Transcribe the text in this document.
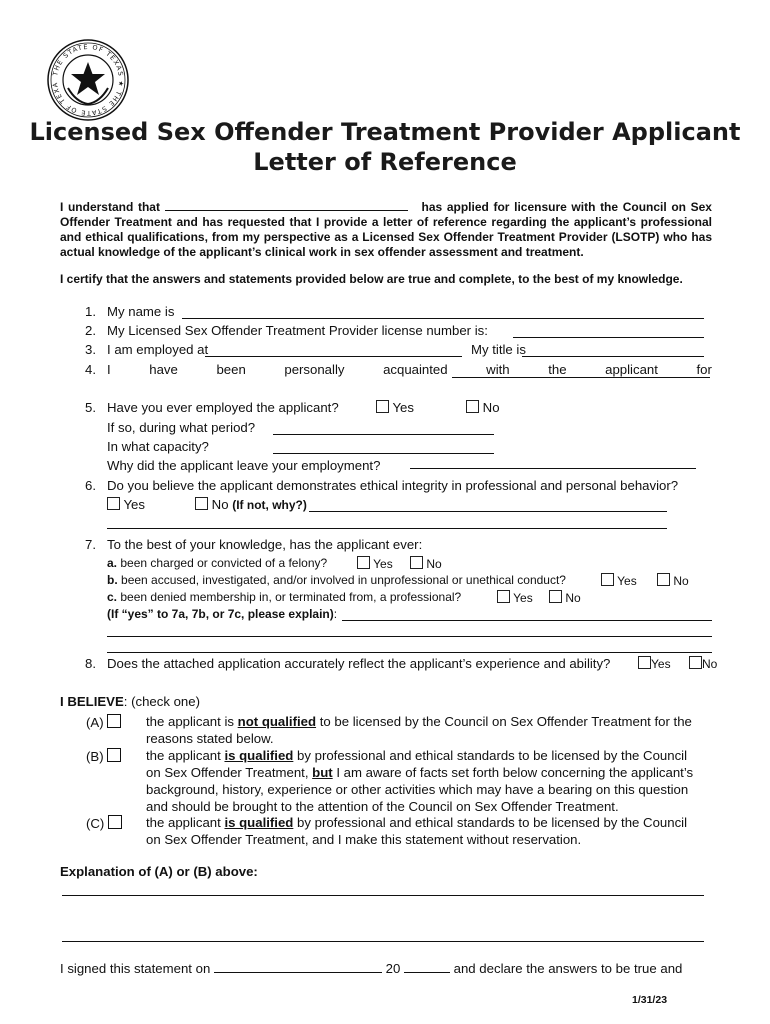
THE STATE OF TEXAS ★ THE STATE OF TEXA
Licensed Sex Offender Treatment Provider Applicant
Letter of Reference
I understand that	has applied for licensure with the Council on Sex Offender Treatment and has requested that I provide a letter of reference regarding the applicant’s professional and ethical qualifications, from my perspective as a Licensed Sex Offender Treatment Provider (LSOTP) who has actual knowledge of the applicant’s clinical work in sex offender assessment and treatment.
I certify that the answers and statements provided below are true and complete, to the best of my knowledge.
1. My name is
2. My Licensed Sex Offender Treatment Provider license number is:
3. I am employed at	My title is
4. I	have	been	personally	acquainted	with	the	applicant	for
5. Have you ever employed the applicant?	Yes	No
If so, during what period?
In what capacity?
Why did the applicant leave your employment?
6. Do you believe the applicant demonstrates ethical integrity in professional and personal behavior?
Yes	No (If not, why?)
7. To the best of your knowledge, has the applicant ever:
a. been charged or convicted of a felony?	Yes	No
b. been accused, investigated, and/or involved in unprofessional or unethical conduct?	Yes	No
c. been denied membership in, or terminated from, a professional?	Yes	No
(If “yes” to 7a, 7b, or 7c, please explain):
8. Does the attached application accurately reflect the applicant’s experience and ability?	Yes	No
I BELIEVE: (check one)
(A)	the applicant is not qualified to be licensed by the Council on Sex Offender Treatment for the
reasons stated below.
(B)	the applicant is qualified by professional and ethical standards to be licensed by the Council
on Sex Offender Treatment, but I am aware of facts set forth below concerning the applicant’s
background, history, experience or other activities which may have a bearing on this question
and should be brought to the attention of the Council on Sex Offender Treatment.
(C)	the applicant is qualified by professional and ethical standards to be licensed by the Council
on Sex Offender Treatment, and I make this statement without reservation.
Explanation of (A) or (B) above:
I signed this statement on	20	and declare the answers to be true and
1/31/23
